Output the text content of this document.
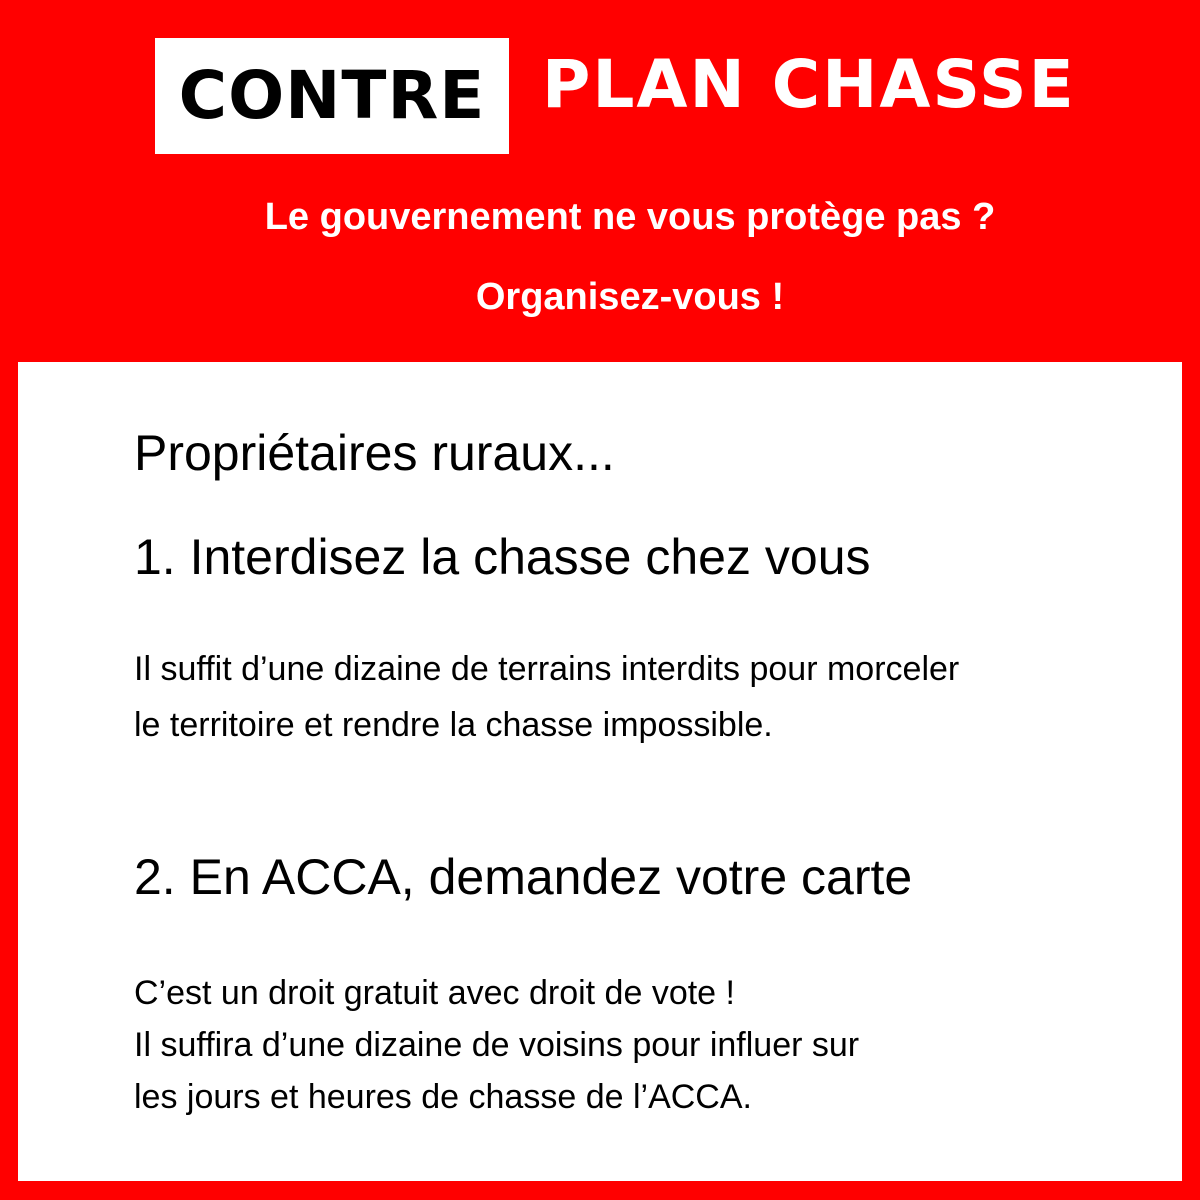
CONTRE PLAN CHASSE
Le gouvernement ne vous protège pas ?
Organisez-vous !
Propriétaires ruraux...
1. Interdisez la chasse chez vous
Il suffit d’une dizaine de terrains interdits pour morceler
le territoire et rendre la chasse impossible.
2. En ACCA, demandez votre carte
C’est un droit gratuit avec droit de vote !
Il suffira d’une dizaine de voisins pour influer sur
les jours et heures de chasse de l’ACCA.
